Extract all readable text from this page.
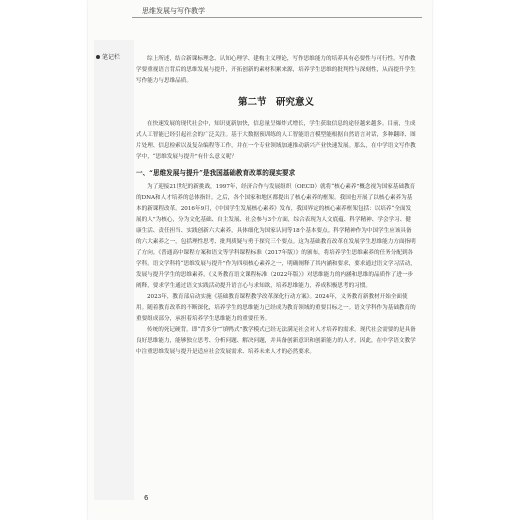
思维发展与写作教学
笔记栏	综上所述，结合新课标理念、认知心理学、建构主义理论，写作思维能力的培养具有必要性与可行性。写作教学要重视语言背后的思维发展与提升，开拓创新的素材积累来源，培养学生思维的批判性与深刻性，从而提升学生写作能力与思维品质。

第二节　研究意义

在快速发展的现代社会中，知识更新加快，信息量呈爆炸式增长，学生获取信息的途径越来越多。目前，生成式人工智能已经引起社会的广泛关注。基于大数据预训练的人工智能语言模型能根据自然语言对话，多种翻译、图片处理、信息检索以及复杂编程等工作，并在一个专业领域加速推动新兴产业快速发展。那么，在中学语文写作教学中，“思维发展与提升”有什么意义呢？

一、“思维发展与提升”是我国基础教育改革的现实要求

为了迎接21世纪的新挑战，1997年，经济合作与发展组织（OECD）就将“核心素养”概念视为国家基础教育的DNA和人才培养的总体指针。之后，各个国家和地区都提出了核心素养的框架。我国也开展了以核心素养为基本的新课程改革。2016年9月，《中国学生发展核心素养》发布，我国界定的核心素养框架包括：以培养“全面发展的人”为核心，分为文化基础、自主发展、社会参与3个方面，综合表现为人文底蕴、科学精神、学会学习、健康生活、责任担当、实践创新六大素养，具体细化为国家认同等18个基本要点。科学精神作为中国学生应该具备的六大素养之一，包括理性思考、批判质疑与勇于探究三个要点。这为基础教育改革在发展学生思维能力方面指明了方向。《普通高中课程方案和语文等学科课程标准（2017年版）》的颁布，将培养学生思维素养的任务分配到各学科。语文学科将“思维发展与提升”作为四项核心素养之一，明确阐释了其内涵和要求，要求通过语文学习活动，发展与提升学生的思维素养。《义务教育语文课程标准（2022年版）》对思维能力的内涵和思维的品质作了进一步阐释，要求学生通过语文实践活动提升语言心与求知欲，培养思维能力，养成积极思考的习惯。

2023年，教育部启动实施《基础教育课程教学改革深化行动方案》。2024年，义务教育新教材开始全面使用。随着教育改革的不断深化，培养学生的思维能力已经成为教育领域的重要目标之一。语文学科作为基础教育的重要组成部分，承担着培养学生思维能力的重要任务。

传统的死记硬背，即“背多分”“填鸭式”教学模式已经无法满足社会对人才培养的需求。现代社会需要的是具备良好思维能力，能够独立思考、分析问题、解决问题，并具备创新意识和创新能力的人才。因此，在中学语文教学中注重思维发展与提升是适应社会发展需求、培养未来人才的必然要求。

6
